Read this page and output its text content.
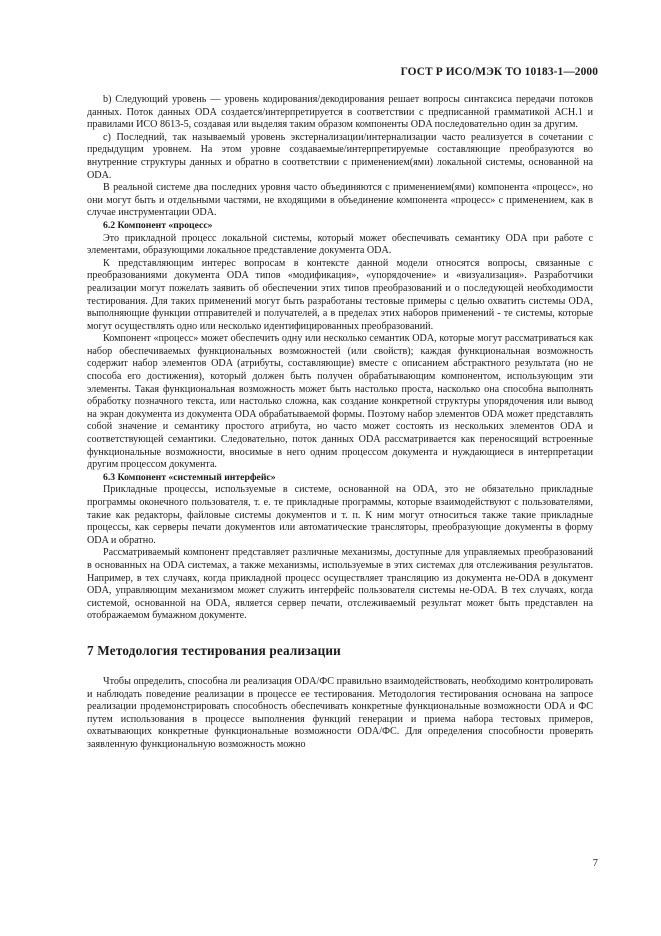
ГОСТ Р ИСО/МЭК ТО 10183-1—2000

b) Следующий уровень — уровень кодирования/декодирования решает вопросы синтаксиса передачи потоков данных. Поток данных ODA создается/интерпретируется в соответствии с предписанной грамматикой АСН.1 и правилами ИСО 8613-5, создавая или выделяя таким образом компоненты ODA последовательно один за другим.

с) Последний, так называемый уровень экстернализации/интернализации часто реализуется в сочетании с предыдущим уровнем. На этом уровне создаваемые/интерпретируемые составляющие преобразуются во внутренние структуры данных и обратно в соответствии с применением(ями) локальной системы, основанной на ODA.

В реальной системе два последних уровня часто объединяются с применением(ями) компонента «процесс», но они могут быть и отдельными частями, не входящими в объединение компонента «процесс» с применением, как в случае инструментации ODA.

6.2 Компонент «процесс»

Это прикладной процесс локальной системы, который может обеспечивать семантику ODA при работе с элементами, образующими локальное представление документа ODA.

К представляющим интерес вопросам в контексте данной модели относятся вопросы, связанные с преобразованиями документа ODA типов «модификация», «упорядочение» и «визуализация». Разработчики реализации могут пожелать заявить об обеспечении этих типов преобразований и о последующей необходимости тестирования. Для таких применений могут быть разработаны тестовые примеры с целью охватить системы ODA, выполняющие функции отправителей и получателей, а в пределах этих наборов применений - те системы, которые могут осуществлять одно или несколько идентифицированных преобразований.

Компонент «процесс» может обеспечить одну или несколько семантик ODA, которые могут рассматриваться как набор обеспечиваемых функциональных возможностей (или свойств); каждая функциональная возможность содержит набор элементов ODA (атрибуты, составляющие) вместе с описанием абстрактного результата (но не способа его достижения), который должен быть получен обрабатывающим компонентом, использующим эти элементы. Такая функциональная возможность может быть настолько проста, насколько она способна выполнять обработку позначного текста, или настолько сложна, как создание конкретной структуры упорядочения или вывод на экран документа из документа ODA обрабатываемой формы. Поэтому набор элементов ODA может представлять собой значение и семантику простого атрибута, но часто может состоять из нескольких элементов ODA и соответствующей семантики. Следовательно, поток данных ODA рассматривается как переносящий встроенные функциональные возможности, вносимые в него одним процессом документа и нуждающиеся в интерпретации другим процессом документа.

6.3 Компонент «системный интерфейс»

Прикладные процессы, используемые в системе, основанной на ODA, это не обязательно прикладные программы оконечного пользователя, т. е. те прикладные программы, которые взаимодействуют с пользователями, такие как редакторы, файловые системы документов и т. п. К ним могут относиться также такие прикладные процессы, как серверы печати документов или автоматические трансляторы, преобразующие документы в форму ODA и обратно.

Рассматриваемый компонент представляет различные механизмы, доступные для управляемых преобразований в основанных на ODA системах, а также механизмы, используемые в этих системах для отслеживания результатов. Например, в тех случаях, когда прикладной процесс осуществляет трансляцию из документа не-ODA в документ ODA, управляющим механизмом может служить интерфейс пользователя системы не-ODA. В тех случаях, когда системой, основанной на ODA, является сервер печати, отслеживаемый результат может быть представлен на отображаемом бумажном документе.

7 Методология тестирования реализации

Чтобы определить, способна ли реализация ODA/ФС правильно взаимодействовать, необходимо контролировать и наблюдать поведение реализации в процессе ее тестирования. Методология тестирования основана на запросе реализации продемонстрировать способность обеспечивать конкретные функциональные возможности ODA и ФС путем использования в процессе выполнения функций генерации и приема набора тестовых примеров, охватывающих конкретные функциональные возможности ODA/ФС. Для определения способности проверять заявленную функциональную возможность можно

7
